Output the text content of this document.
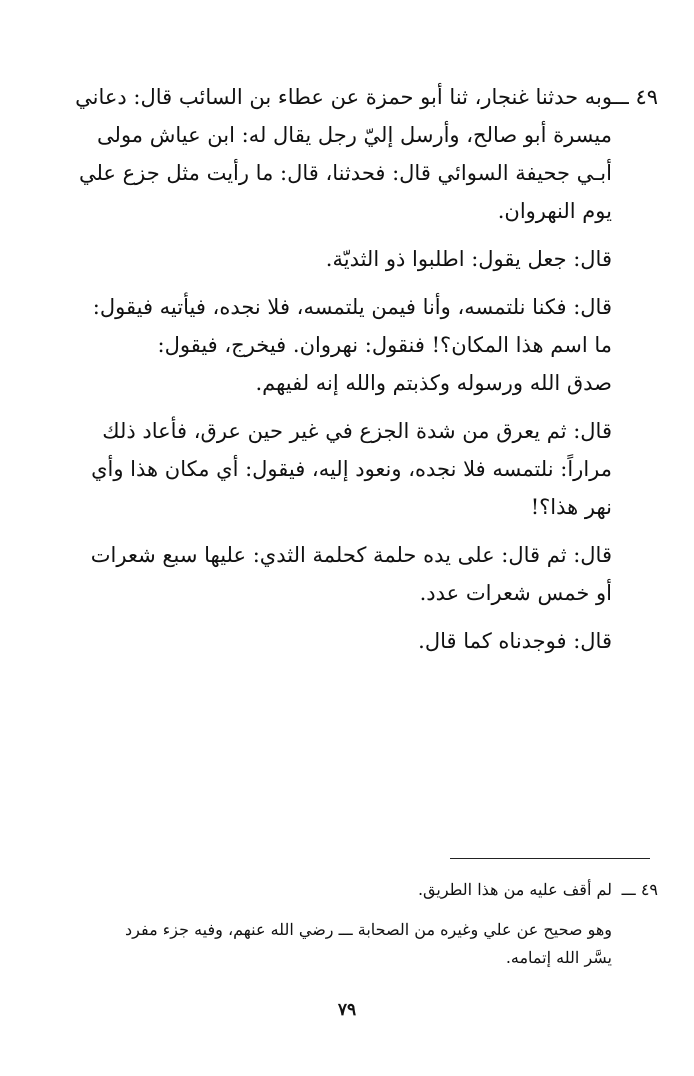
٤٩ ـــ
وبه حدثنا غنجار، ثنا أبو حمزة عن عطاء بن السائب قال: دعاني
ميسرة أبو صالح، وأرسل إليّ رجل يقال له: ابن عياش مولى
أبـي جحيفة السوائي قال: فحدثنا، قال: ما رأيت مثل جزع علي
يوم النهروان.
قال: جعل يقول: اطلبوا ذو الثديّة.
قال: فكنا نلتمسه، وأنا فيمن يلتمسه، فلا نجده، فيأتيه فيقول:
ما اسم هذا المكان؟! فنقول: نهروان. فيخرج، فيقول:
صدق الله ورسوله وكذبتم والله إنه لفيهم.
قال: ثم يعرق من شدة الجزع في غير حين عرق، فأعاد ذلك
مراراً: نلتمسه فلا نجده، ونعود إليه، فيقول: أي مكان هذا وأي
نهر هذا؟!
قال: ثم قال: على يده حلمة كحلمة الثدي: عليها سبع شعرات
أو خمس شعرات عدد.
قال: فوجدناه كما قال.
٤٩ ـــ
لم أقف عليه من هذا الطريق.
وهو صحيح عن علي وغيره من الصحابة ـــ رضي الله عنهم، وفيه جزء مفرد
يسَّر الله إتمامه.
٧٩
